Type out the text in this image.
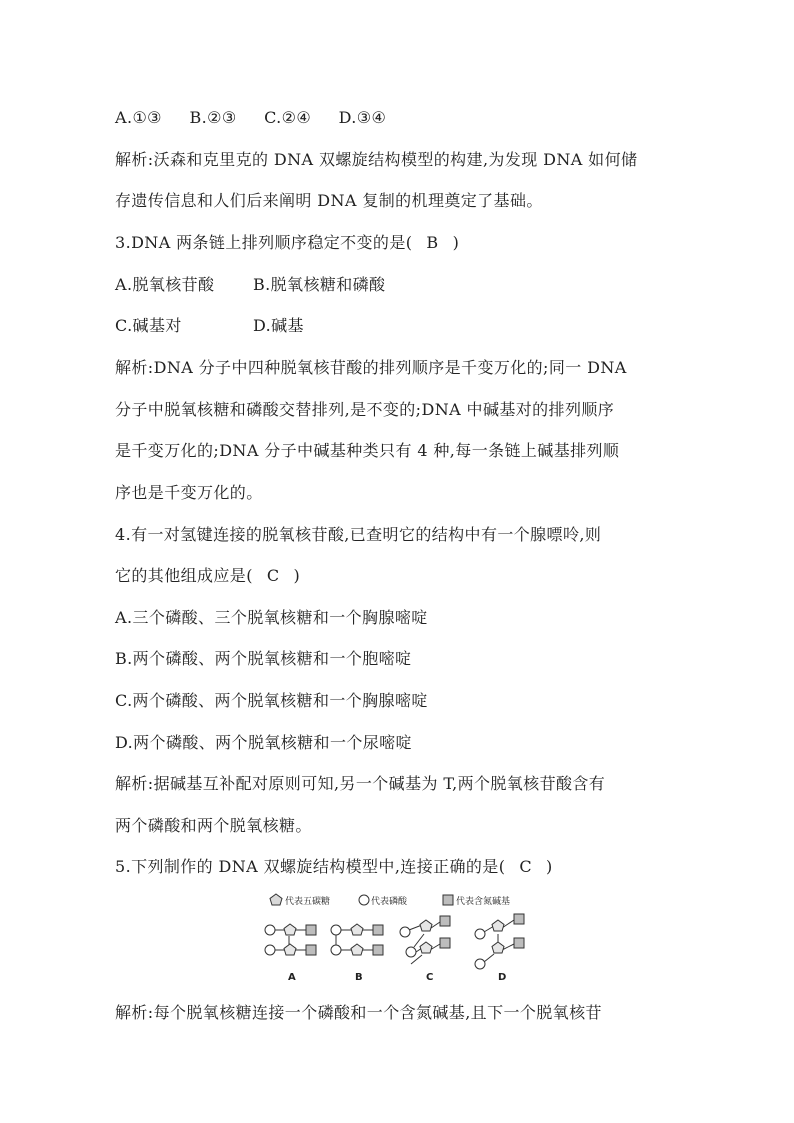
A.①③ B.②③ C.②④ D.③④
解析:沃森和克里克的 DNA 双螺旋结构模型的构建,为发现 DNA 如何储
存遗传信息和人们后来阐明 DNA 复制的机理奠定了基础。
3.DNA 两条链上排列顺序稳定不变的是( B )
A.脱氧核苷酸 B.脱氧核糖和磷酸
C.碱基对	D.碱基
解析:DNA 分子中四种脱氧核苷酸的排列顺序是千变万化的;同一 DNA
分子中脱氧核糖和磷酸交替排列,是不变的;DNA 中碱基对的排列顺序
是千变万化的;DNA 分子中碱基种类只有 4 种,每一条链上碱基排列顺
序也是千变万化的。
4.有一对氢键连接的脱氧核苷酸,已查明它的结构中有一个腺嘌呤,则
它的其他组成应是( C )
A.三个磷酸、三个脱氧核糖和一个胸腺嘧啶
B.两个磷酸、两个脱氧核糖和一个胞嘧啶
C.两个磷酸、两个脱氧核糖和一个胸腺嘧啶
D.两个磷酸、两个脱氧核糖和一个尿嘧啶
解析:据碱基互补配对原则可知,另一个碱基为 T,两个脱氧核苷酸含有
两个磷酸和两个脱氧核糖。
5.下列制作的 DNA 双螺旋结构模型中,连接正确的是( C )
代表五碳糖	代表磷酸	代表含氮碱基
A	B	C	D
解析:每个脱氧核糖连接一个磷酸和一个含氮碱基,且下一个脱氧核苷
